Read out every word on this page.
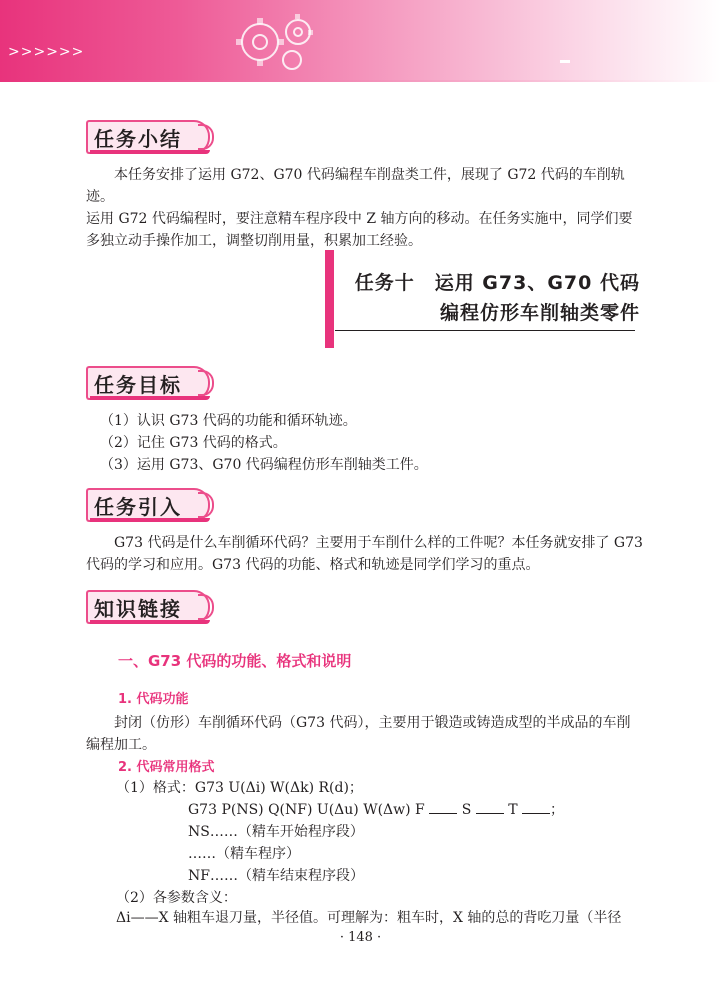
>>>>>>
任务小结

本任务安排了运用 G72、G70 代码编程车削盘类工件，展现了 G72 代码的车削轨迹。

运用 G72 代码编程时，要注意精车程序段中 Z 轴方向的移动。在任务实施中，同学们要

多独立动手操作加工，调整切削用量，积累加工经验。

任务十　运用 G73、G70 代码
编程仿形车削轴类零件
任务目标

（1）认识 G73 代码的功能和循环轨迹。

（2）记住 G73 代码的格式。

（3）运用 G73、G70 代码编程仿形车削轴类工件。

任务引入

G73 代码是什么车削循环代码？主要用于车削什么样的工件呢？本任务就安排了 G73

代码的学习和应用。G73 代码的功能、格式和轨迹是同学们学习的重点。

知识链接
一、G73 代码的功能、格式和说明
1. 代码功能

封闭（仿形）车削循环代码（G73 代码），主要用于锻造或铸造成型的半成品的车削

编程加工。

2. 代码常用格式
（1）格式：G73 U(Δi) W(Δk) R(d)；
G73 P(NS) Q(NF) U(Δu) W(Δw) F	S	T ；
NS……（精车开始程序段）
……（精车程序）
NF……（精车结束程序段）
（2）各参数含义：
Δi——X 轴粗车退刀量，半径值。可理解为：粗车时，X 轴的总的背吃刀量（半径
· 148 ·
